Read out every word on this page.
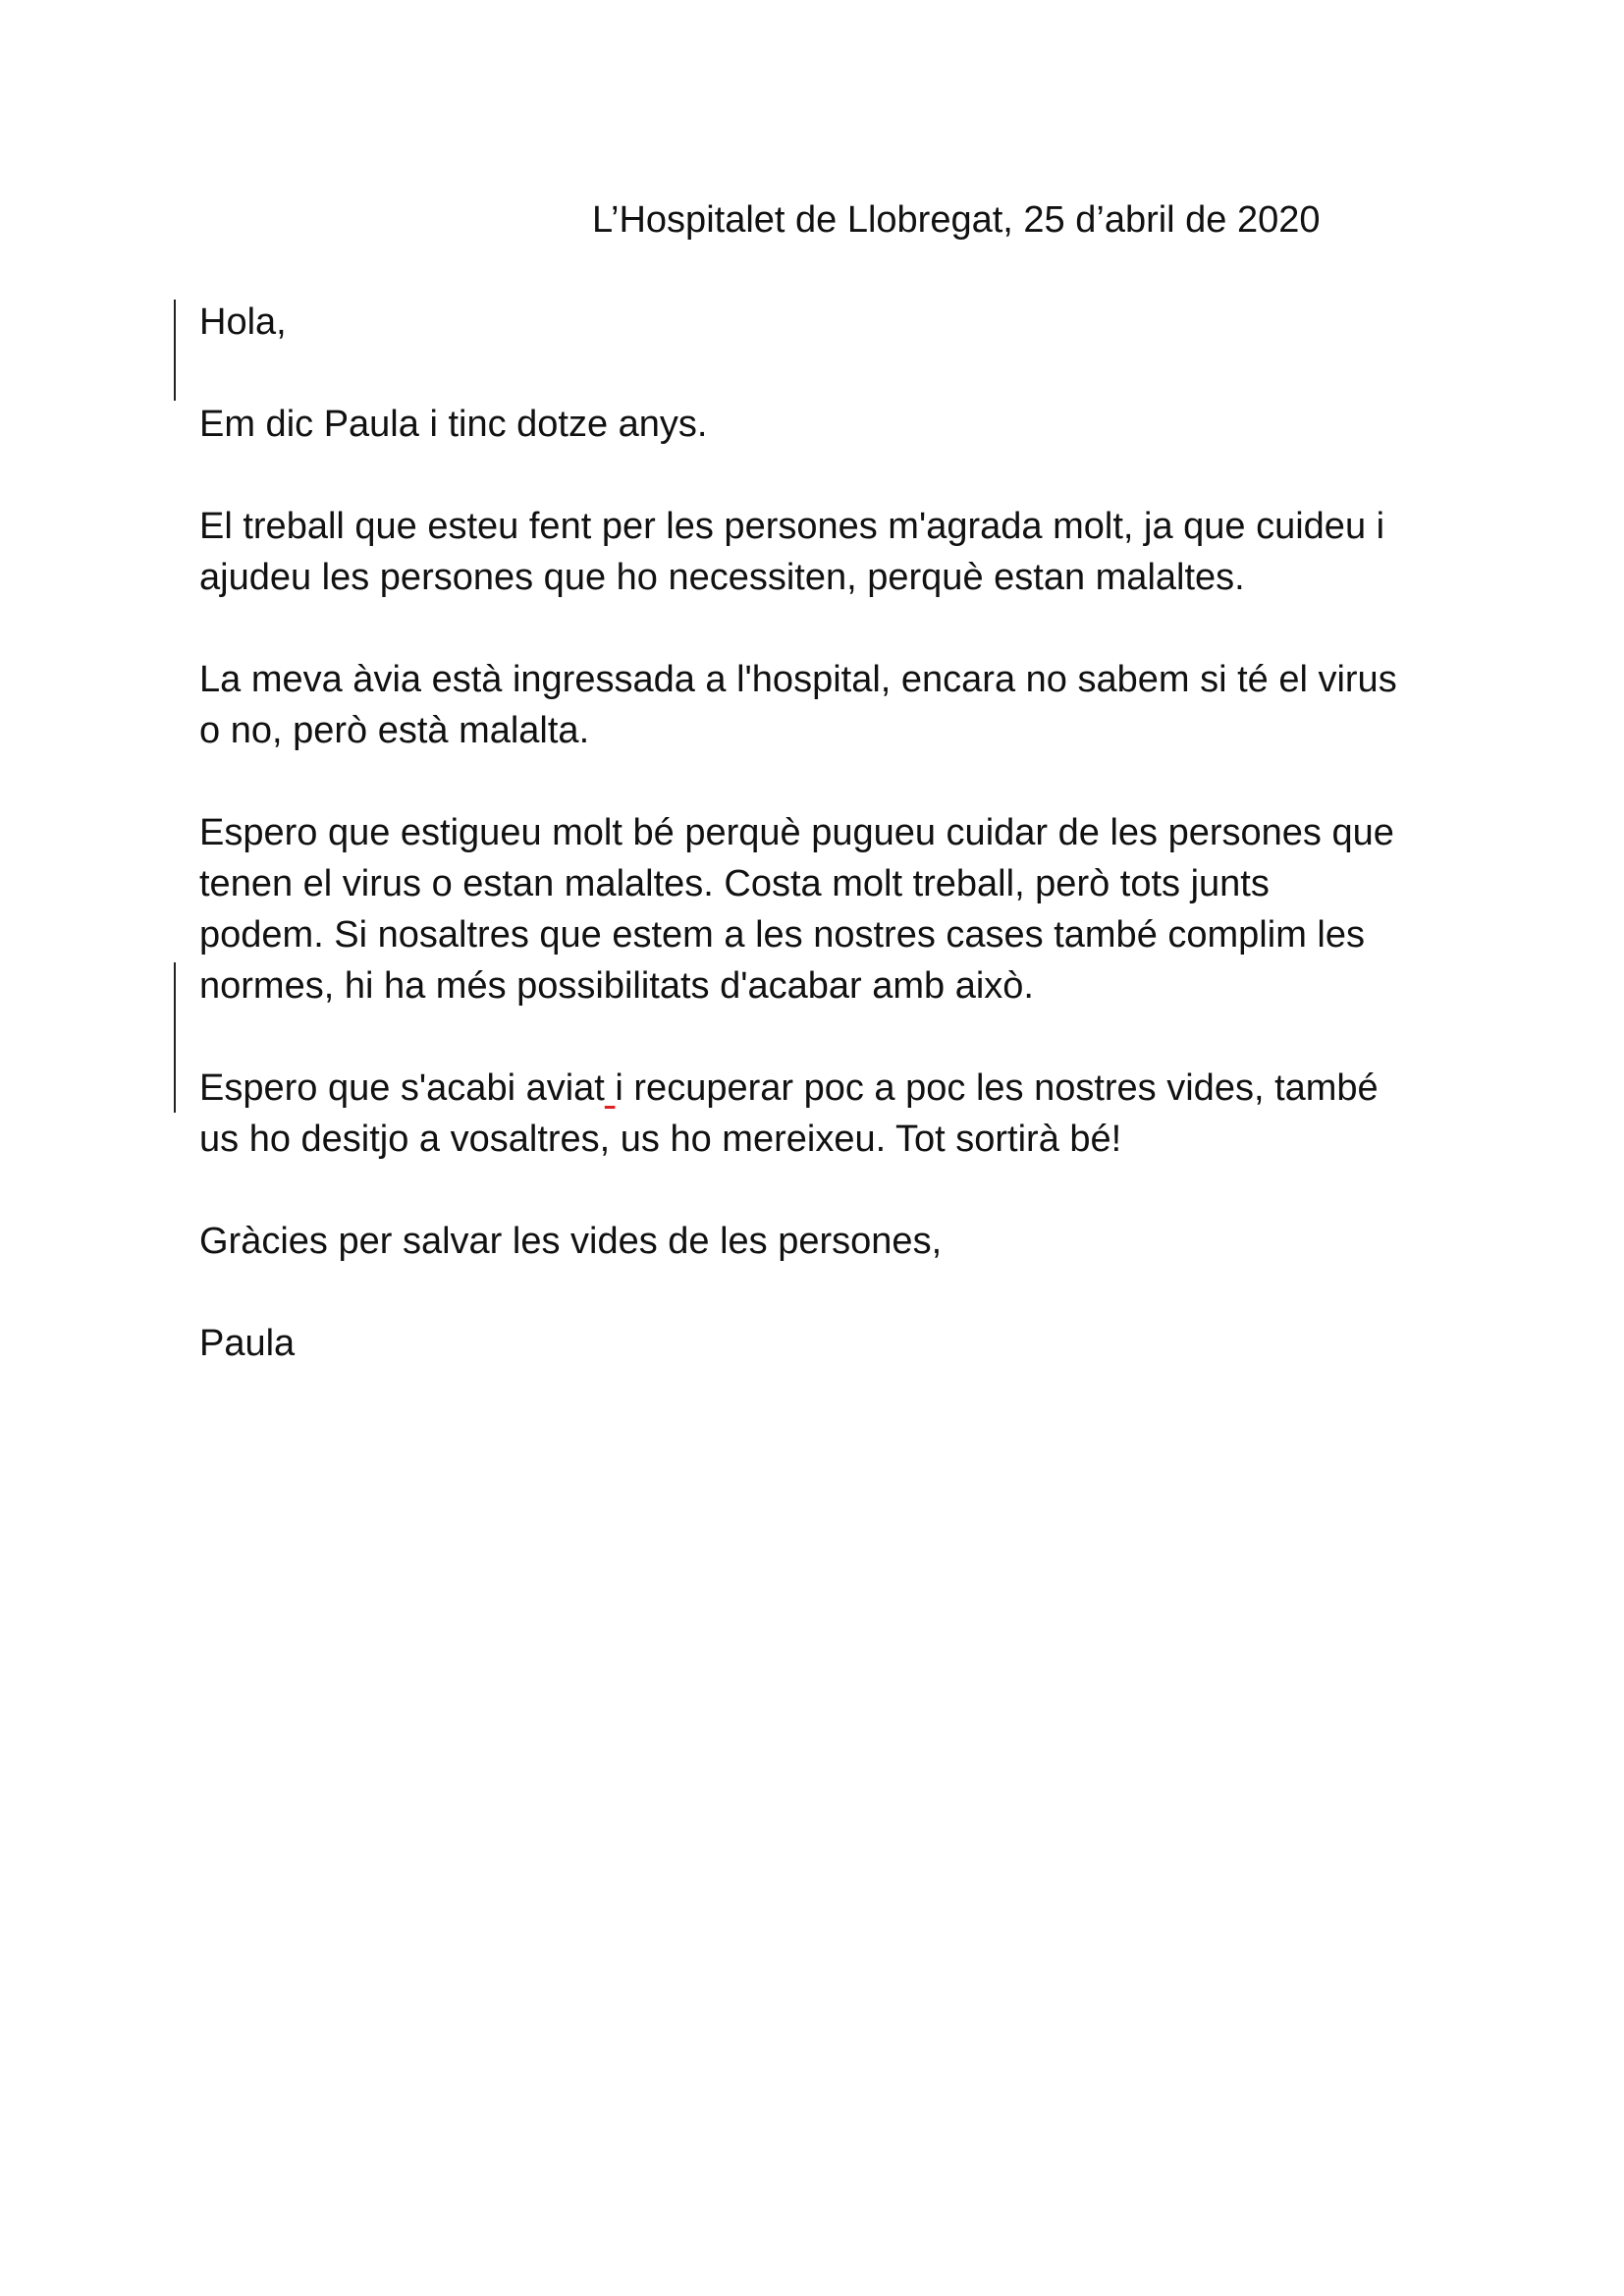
L’Hospitalet de Llobregat, 25 d’abril de 2020
Hola,
Em dic Paula i tinc dotze anys.
El treball que esteu fent per les persones m'agrada molt, ja que cuideu i
ajudeu les persones que ho necessiten, perquè estan malaltes.
La meva àvia està ingressada a l'hospital, encara no sabem si té el virus
o no, però està malalta.
Espero que estigueu molt bé perquè pugueu cuidar de les persones que
tenen el virus o estan malaltes. Costa molt treball, però tots junts
podem. Si nosaltres que estem a les nostres cases també complim les
normes, hi ha més possibilitats d'acabar amb això.
Espero que s'acabi aviat i recuperar poc a poc les nostres vides, també
us ho desitjo a vosaltres, us ho mereixeu. Tot sortirà bé!
Gràcies per salvar les vides de les persones,
Paula
